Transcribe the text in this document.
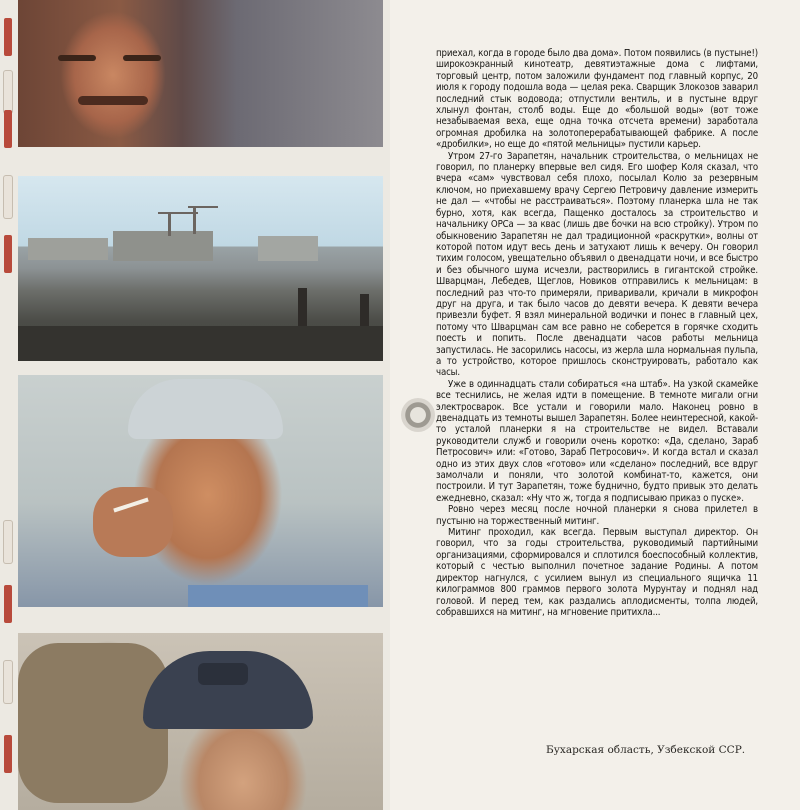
приехал, когда в городе было два дома». Потом появились (в пустыне!) широкоэкранный кинотеатр, девятиэтажные дома с лифтами, торговый центр, потом заложили фундамент под главный корпус, 20 июля к городу подошла вода — целая река. Сварщик Злокозов заварил последний стык водовода; отпустили вентиль, и в пустыне вдруг хлынул фонтан, столб воды. Еще до «большой воды» (вот тоже незабываемая веха, еще одна точка отсчета времени) заработала огромная дробилка на золотоперерабатывающей фабрике. А после «дробилки», но еще до «пятой мельницы» пустили карьер.

Утром 27-го Зарапетян, начальник строительства, о мельницах не говорил, по планерку впервые вел сидя. Его шофер Коля сказал, что вчера «сам» чувствовал себя плохо, посылал Колю за резервным ключом, но приехавшему врачу Сергею Петровичу давление измерить не дал — «чтобы не расстраиваться». Поэтому планерка шла не так бурно, хотя, как всегда, Пащенко досталось за строительство и начальнику ОРСа — за квас (лишь две бочки на всю стройку). Утром по обыкновению Зарапетян не дал традиционной «раскрутки», волны от которой потом идут весь день и затухают лишь к вечеру. Он говорил тихим голосом, увещательно объявил о двенадцати ночи, и все быстро и без обычного шума исчезли, растворились в гигантской стройке. Шварцман, Лебедев, Щеглов, Новиков отправились к мельницам: в последний раз что-то примеряли, приваривали, кричали в микрофон друг на друга, и так было часов до девяти вечера. К девяти вечера привезли буфет. Я взял минеральной водички и понес в главный цех, потому что Шварцман сам все равно не соберется в горячке сходить поесть и попить. После двенадцати часов работы мельница запустилась. Не засорились насосы, из жерла шла нормальная пульпа, а то устройство, которое пришлось сконструировать, работало как часы.

Уже в одиннадцать стали собираться «на штаб». На узкой скамейке все теснились, не желая идти в помещение. В темноте мигали огни электросварок. Все устали и говорили мало. Наконец ровно в двенадцать из темноты вышел Зарапетян. Более неинтересной, какой-то усталой планерки я на строительстве не видел. Вставали руководители служб и говорили очень коротко: «Да, сделано, Зараб Петросович» или: «Готово, Зараб Петросович». И когда встал и сказал одно из этих двух слов «готово» или «сделано» последний, все вдруг замолчали и поняли, что золотой комбинат-то, кажется, они построили. И тут Зарапетян, тоже буднично, будто привык это делать ежедневно, сказал: «Ну что ж, тогда я подписываю приказ о пуске».

Ровно через месяц после ночной планерки я снова прилетел в пустыню на торжественный митинг.

Митинг проходил, как всегда. Первым выступал директор. Он говорил, что за годы строительства, руководимый партийными организациями, сформировался и сплотился боеспособный коллектив, который с честью выполнил почетное задание Родины. А потом директор нагнулся, с усилием вынул из специального ящичка 11 килограммов 800 граммов первого золота Мурунтау и поднял над головой. И перед тем, как раздались аплодисменты, толпа людей, собравшихся на митинг, на мгновение притихла...

Бухарская область, Узбекской ССР.
